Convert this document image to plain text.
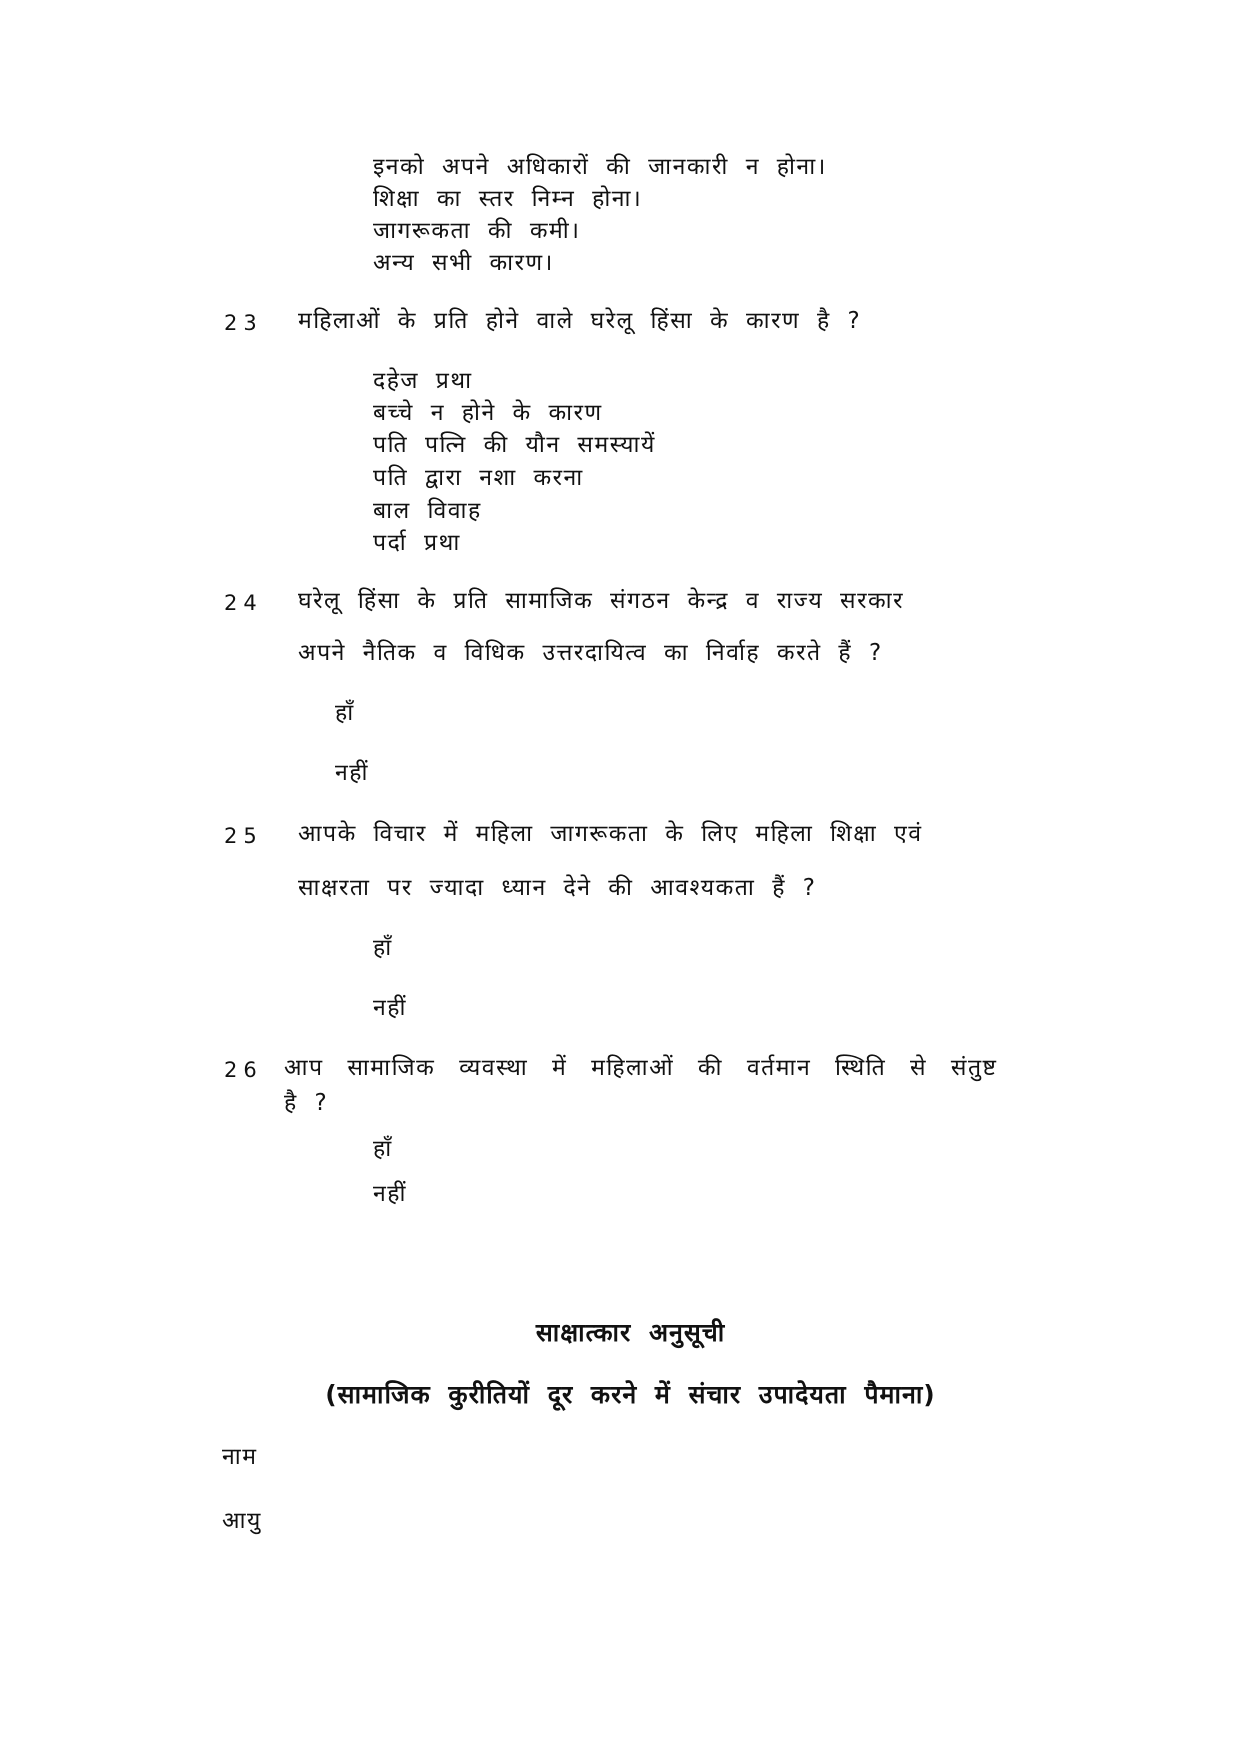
इनको अपने अधिकारों की जानकारी न होना।
शिक्षा का स्तर निम्न होना।
जागरूकता की कमी।
अन्य सभी कारण।
23 महिलाओं के प्रति होने वाले घरेलू हिंसा के कारण है ?
दहेज प्रथा
बच्चे न होने के कारण
पति पत्नि की यौन समस्यायें
पति द्वारा नशा करना
बाल विवाह
पर्दा प्रथा
24 घरेलू हिंसा के प्रति सामाजिक संगठन केन्द्र व राज्य सरकार
अपने नैतिक व विधिक उत्तरदायित्व का निर्वाह करते हैं ?
हाँ
नहीं
25 आपके विचार में महिला जागरूकता के लिए महिला शिक्षा एवं
साक्षरता पर ज्यादा ध्यान देने की आवश्यकता हैं ?
हाँ
नहीं
26 आप सामाजिक व्यवस्था में महिलाओं की वर्तमान स्थिति से संतुष्ट
है ?
हाँ
नहीं
साक्षात्कार अनुसूची
(सामाजिक कुरीतियों दूर करने में संचार उपादेयता पैमाना)
नाम
आयु
